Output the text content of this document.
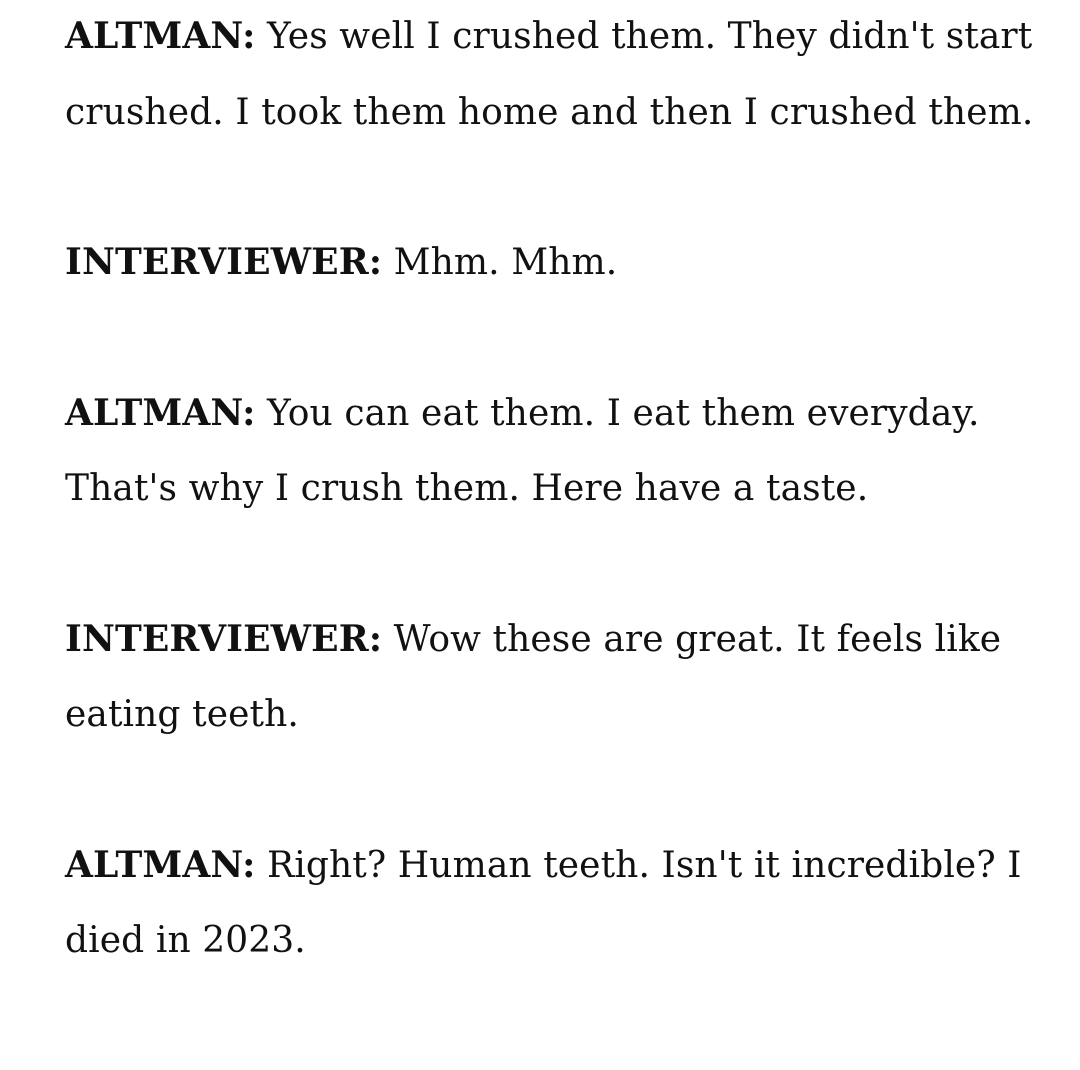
ALTMAN: Yes well I crushed them. They didn't start crushed. I took them home and then I crushed them.

INTERVIEWER: Mhm. Mhm.

ALTMAN: You can eat them. I eat them everyday. That's why I crush them. Here have a taste.

INTERVIEWER: Wow these are great. It feels like eating teeth.

ALTMAN: Right? Human teeth. Isn't it incredible? I died in 2023.
